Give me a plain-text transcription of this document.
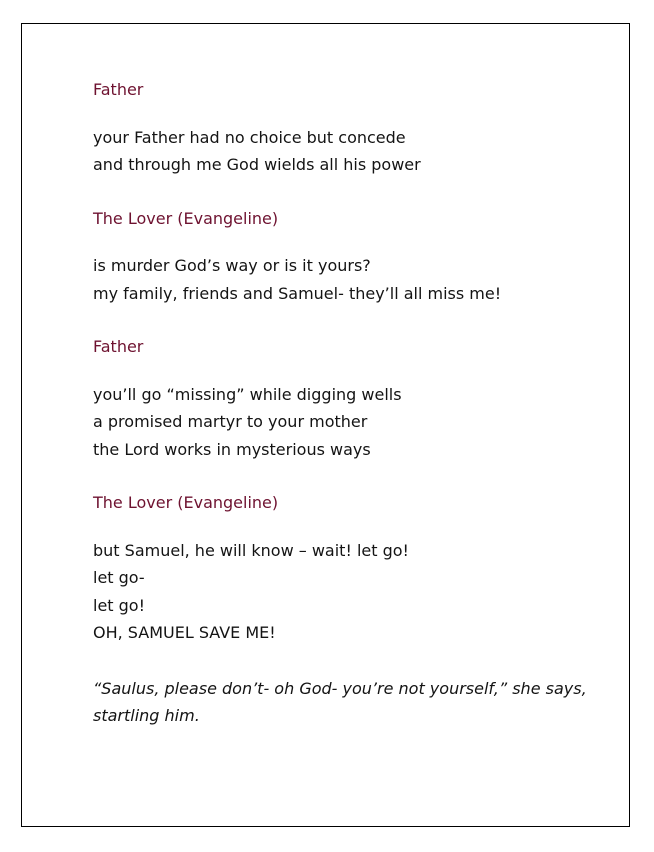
Father

your Father had no choice but concede
and through me God wields all his power

The Lover (Evangeline)

is murder God’s way or is it yours?
my family, friends and Samuel- they’ll all miss me!

Father

you’ll go “missing” while digging wells
a promised martyr to your mother
the Lord works in mysterious ways

The Lover (Evangeline)

but Samuel, he will know – wait! let go!
let go-
let go!
OH, SAMUEL SAVE ME!
“Saulus, please don’t- oh God- you’re not yourself,” she says,
startling him.
